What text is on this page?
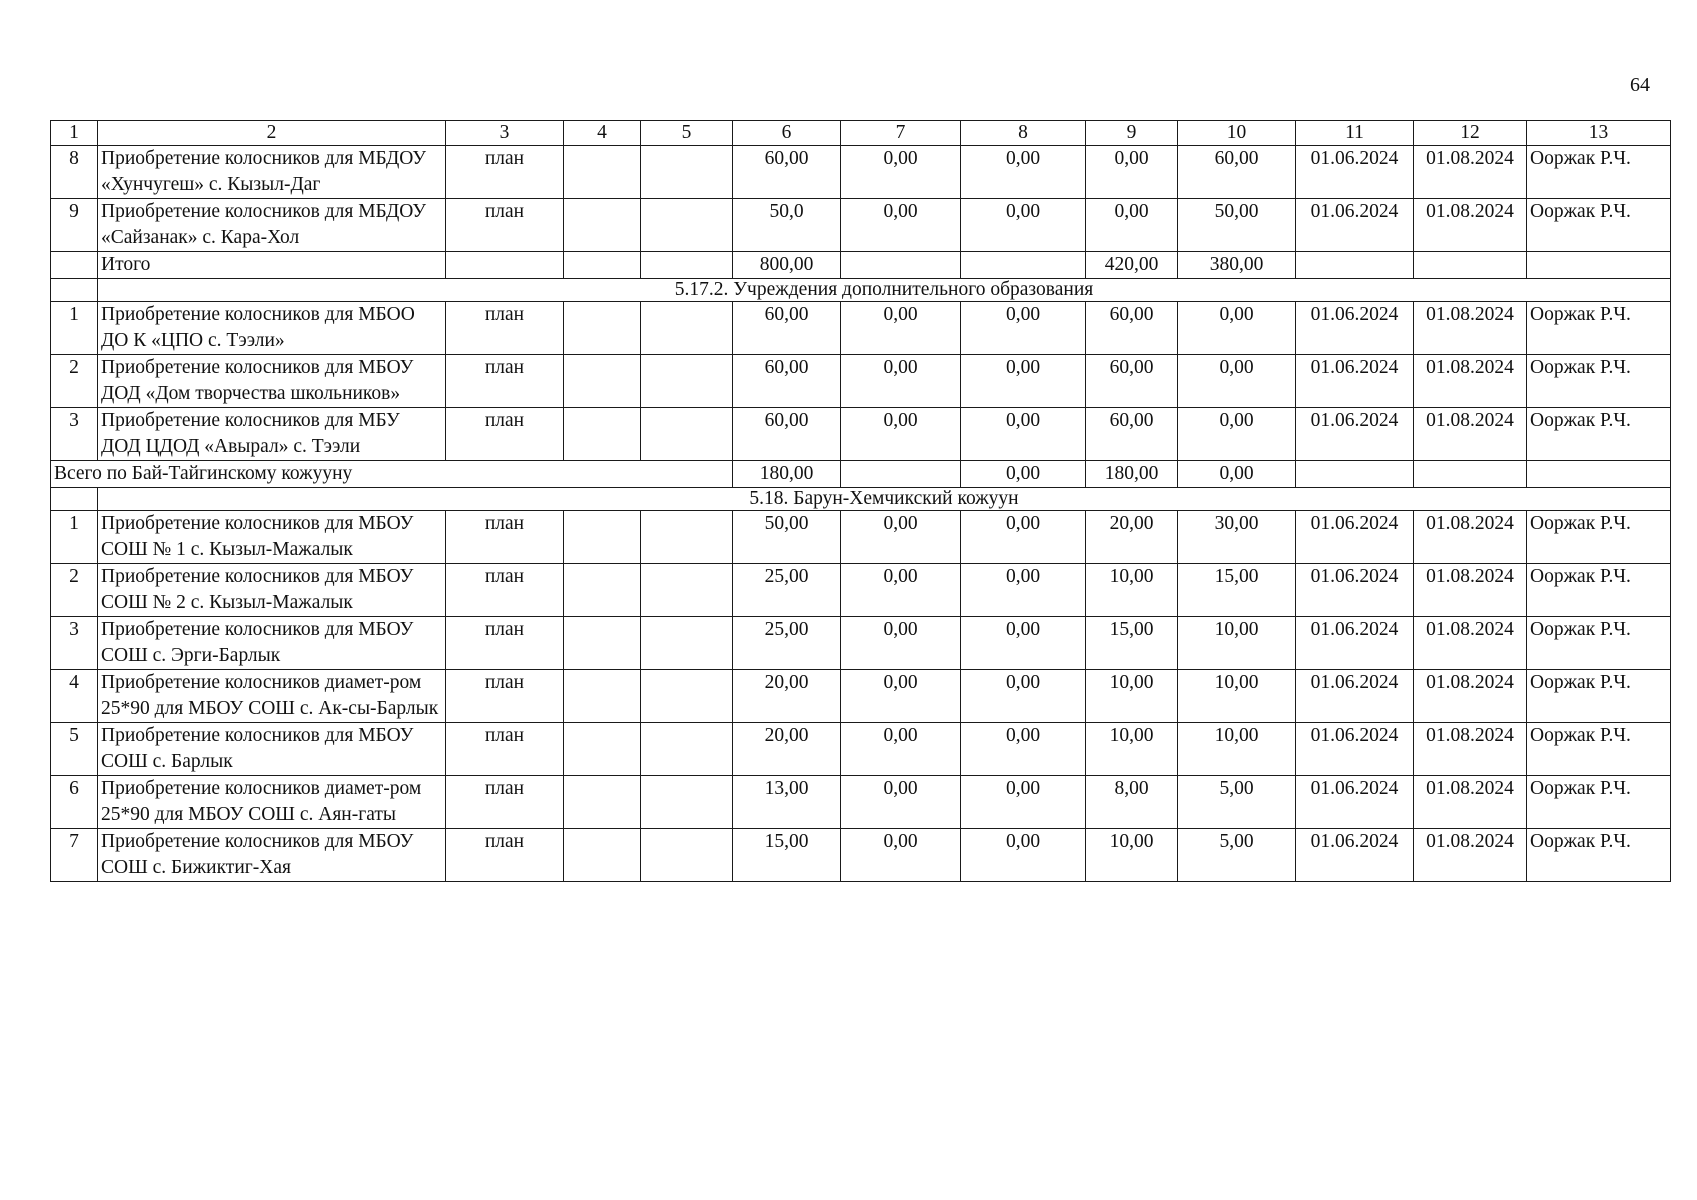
64
1	2	3	4	5	6	7	8	9	10	11	12	13
8	Приобретение колосников для МБДОУ «Хунчугеш» с. Кызыл-Даг	план			60,00	0,00	0,00	0,00	60,00	01.06.2024	01.08.2024	Ооржак Р.Ч.
9	Приобретение колосников для МБДОУ «Сайзанак» с. Кара-Хол	план			50,0	0,00	0,00	0,00	50,00	01.06.2024	01.08.2024	Ооржак Р.Ч.
	Итого				800,00			420,00	380,00			
	5.17.2. Учреждения дополнительного образования											
1	Приобретение колосников для МБОО ДО К «ЦПО с. Тээли»	план			60,00	0,00	0,00	60,00	0,00	01.06.2024	01.08.2024	Ооржак Р.Ч.
2	Приобретение колосников для МБОУ ДОД «Дом творчества школьников»	план			60,00	0,00	0,00	60,00	0,00	01.06.2024	01.08.2024	Ооржак Р.Ч.
3	Приобретение колосников для МБУ ДОД ЦДОД «Авырал» с. Тээли	план			60,00	0,00	0,00	60,00	0,00	01.06.2024	01.08.2024	Ооржак Р.Ч.
Всего по Бай-Тайгинскому кожууну					180,00		0,00	180,00	0,00			
	5.18. Барун-Хемчикский кожуун											
1	Приобретение колосников для МБОУ СОШ № 1 с. Кызыл-Мажалык	план			50,00	0,00	0,00	20,00	30,00	01.06.2024	01.08.2024	Ооржак Р.Ч.
2	Приобретение колосников для МБОУ СОШ № 2 с. Кызыл-Мажалык	план			25,00	0,00	0,00	10,00	15,00	01.06.2024	01.08.2024	Ооржак Р.Ч.
3	Приобретение колосников для МБОУ СОШ с. Эрги-Барлык	план			25,00	0,00	0,00	15,00	10,00	01.06.2024	01.08.2024	Ооржак Р.Ч.
4	Приобретение колосников диамет-ром 25*90 для МБОУ СОШ с. Ак-сы-Барлык	план			20,00	0,00	0,00	10,00	10,00	01.06.2024	01.08.2024	Ооржак Р.Ч.
5	Приобретение колосников для МБОУ СОШ с. Барлык	план			20,00	0,00	0,00	10,00	10,00	01.06.2024	01.08.2024	Ооржак Р.Ч.
6	Приобретение колосников диамет-ром 25*90 для МБОУ СОШ с. Аян-гаты	план			13,00	0,00	0,00	8,00	5,00	01.06.2024	01.08.2024	Ооржак Р.Ч.
7	Приобретение колосников для МБОУ СОШ с. Бижиктиг-Хая	план			15,00	0,00	0,00	10,00	5,00	01.06.2024	01.08.2024	Ооржак Р.Ч.
